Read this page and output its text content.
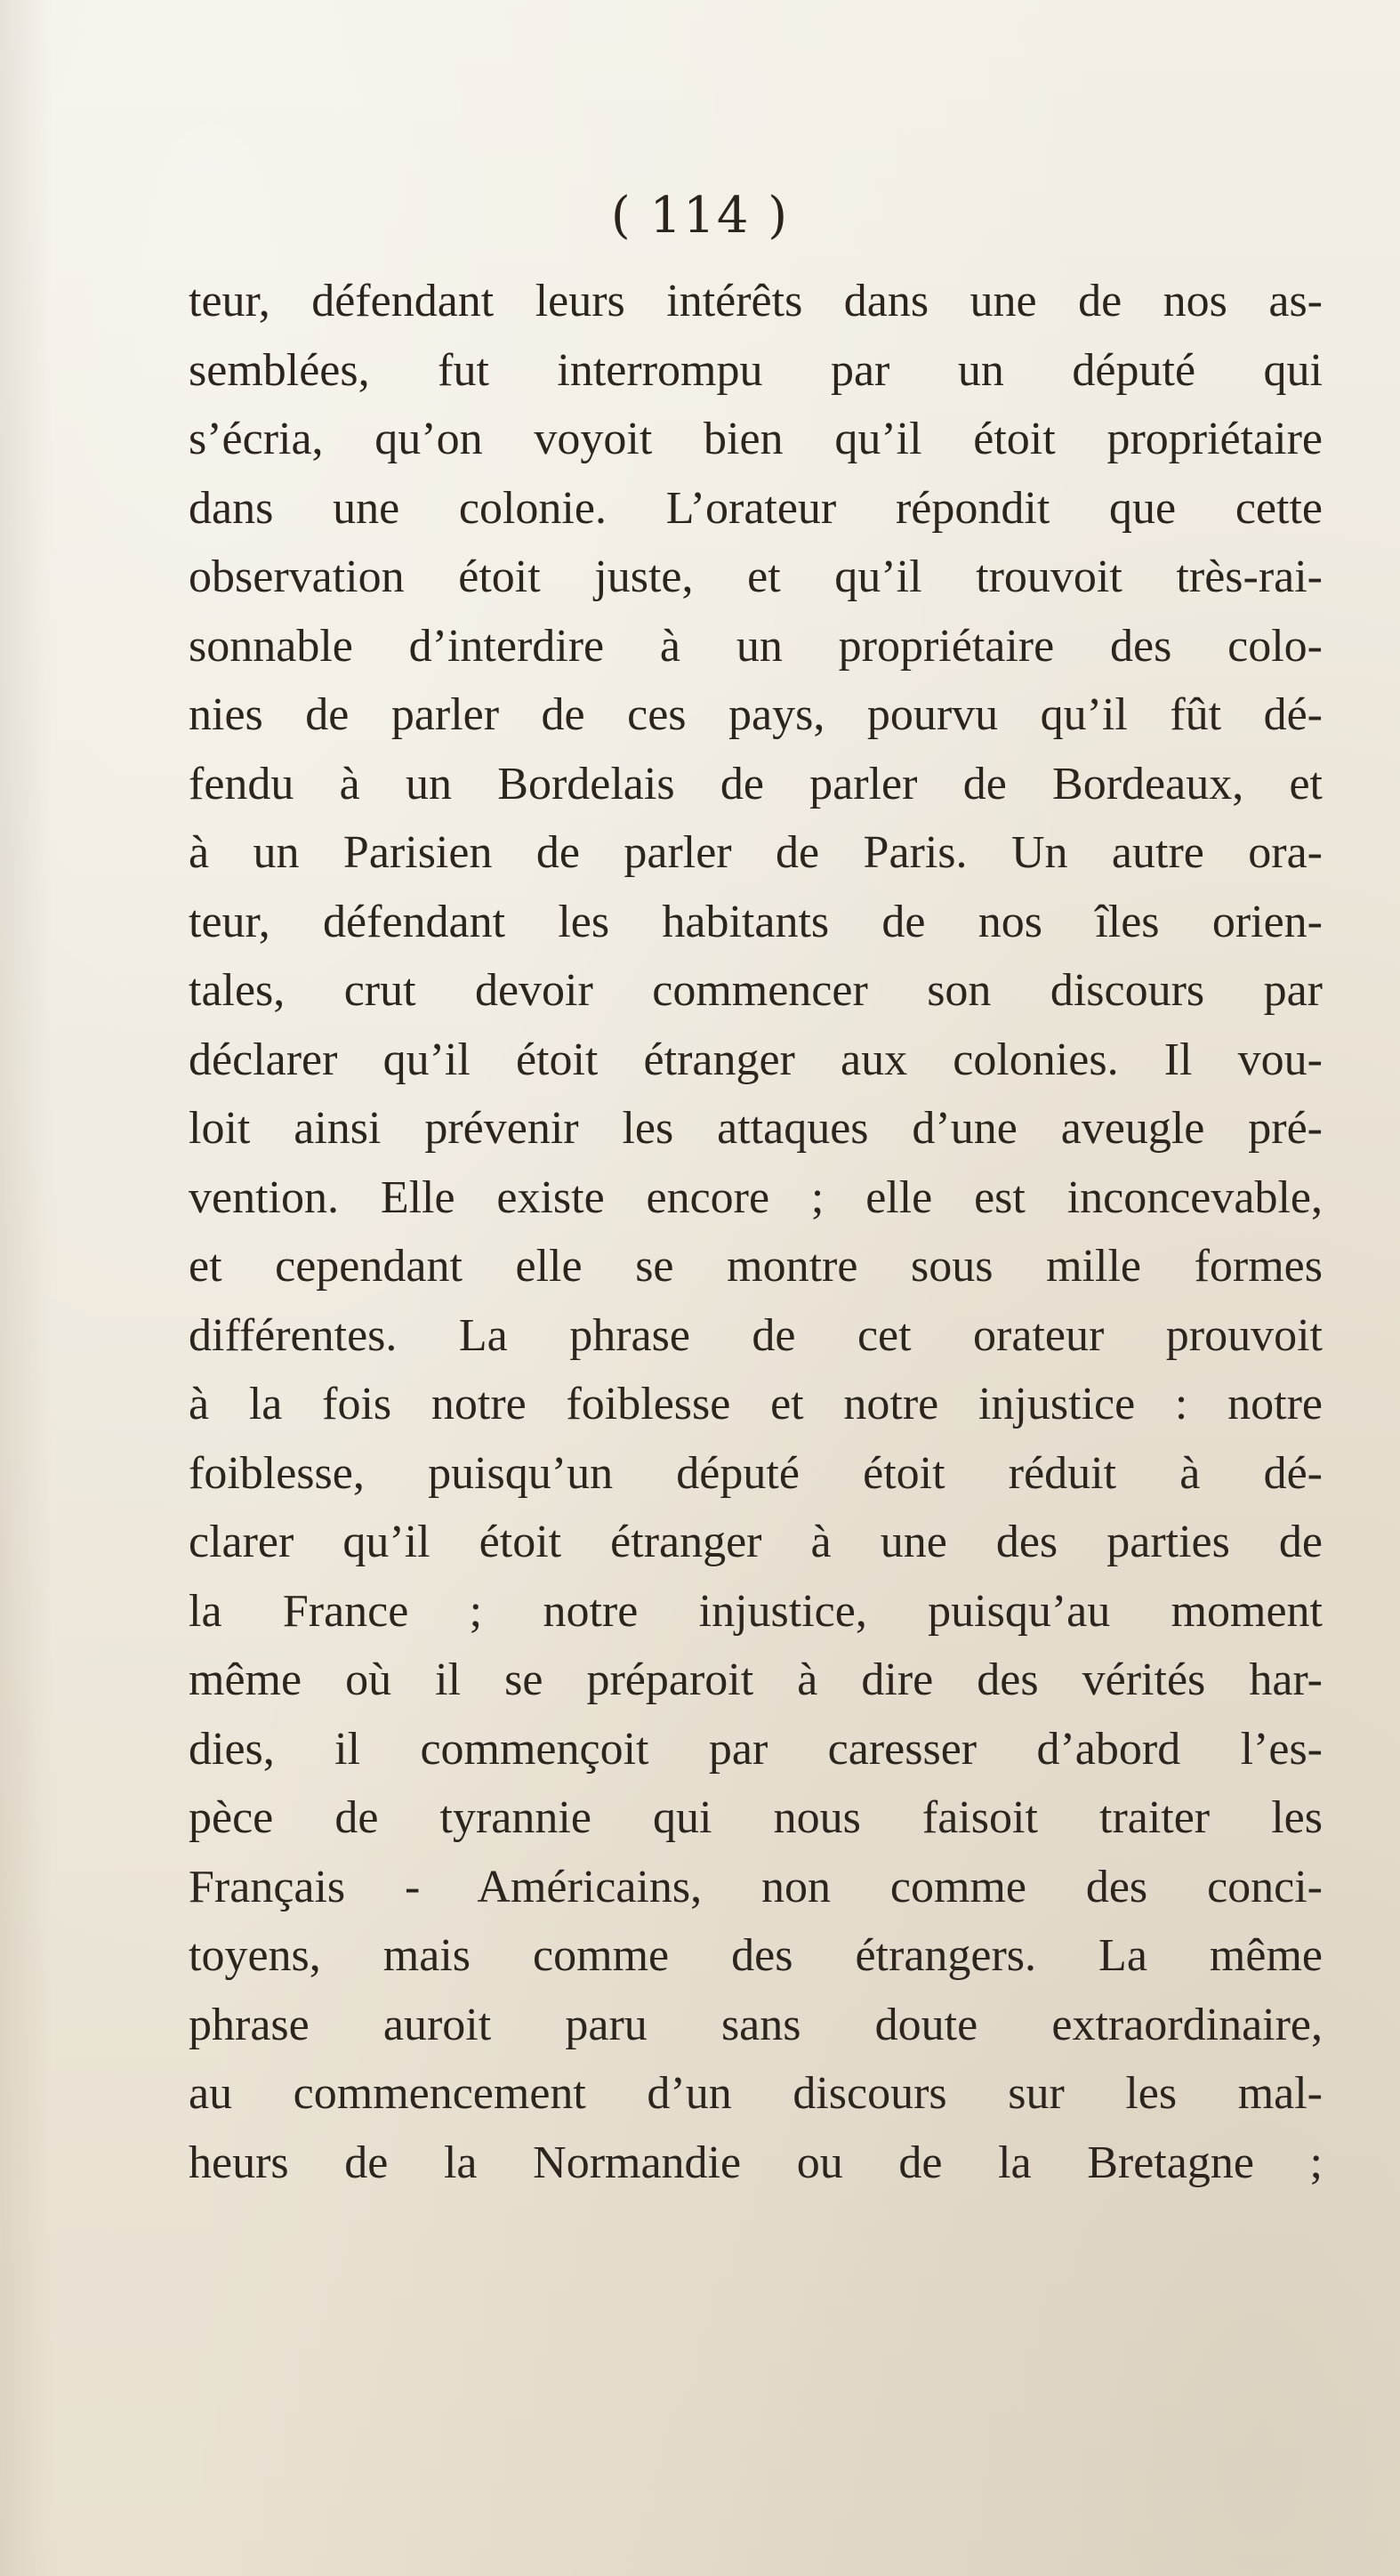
( 114 )
teur, défendant leurs intérêts dans une de nos as-
semblées, fut interrompu par un député qui
s’écria, qu’on voyoit bien qu’il étoit propriétaire
dans une colonie. L’orateur répondit que cette
observation étoit juste, et qu’il trouvoit très-rai-
sonnable d’interdire à un propriétaire des colo-
nies de parler de ces pays, pourvu qu’il fût dé-
fendu à un Bordelais de parler de Bordeaux, et
à un Parisien de parler de Paris. Un autre ora-
teur, défendant les habitants de nos îles orien-
tales, crut devoir commencer son discours par
déclarer qu’il étoit étranger aux colonies. Il vou-
loit ainsi prévenir les attaques d’une aveugle pré-
vention. Elle existe encore ; elle est inconcevable,
et cependant elle se montre sous mille formes
différentes. La phrase de cet orateur prouvoit
à la fois notre foiblesse et notre injustice : notre
foiblesse, puisqu’un député étoit réduit à dé-
clarer qu’il étoit étranger à une des parties de
la France ; notre injustice, puisqu’au moment
même où il se préparoit à dire des vérités har-
dies, il commençoit par caresser d’abord l’es-
pèce de tyrannie qui nous faisoit traiter les
Français - Américains, non comme des conci-
toyens, mais comme des étrangers. La même
phrase auroit paru sans doute extraordinaire,
au commencement d’un discours sur les mal-
heurs de la Normandie ou de la Bretagne ;
